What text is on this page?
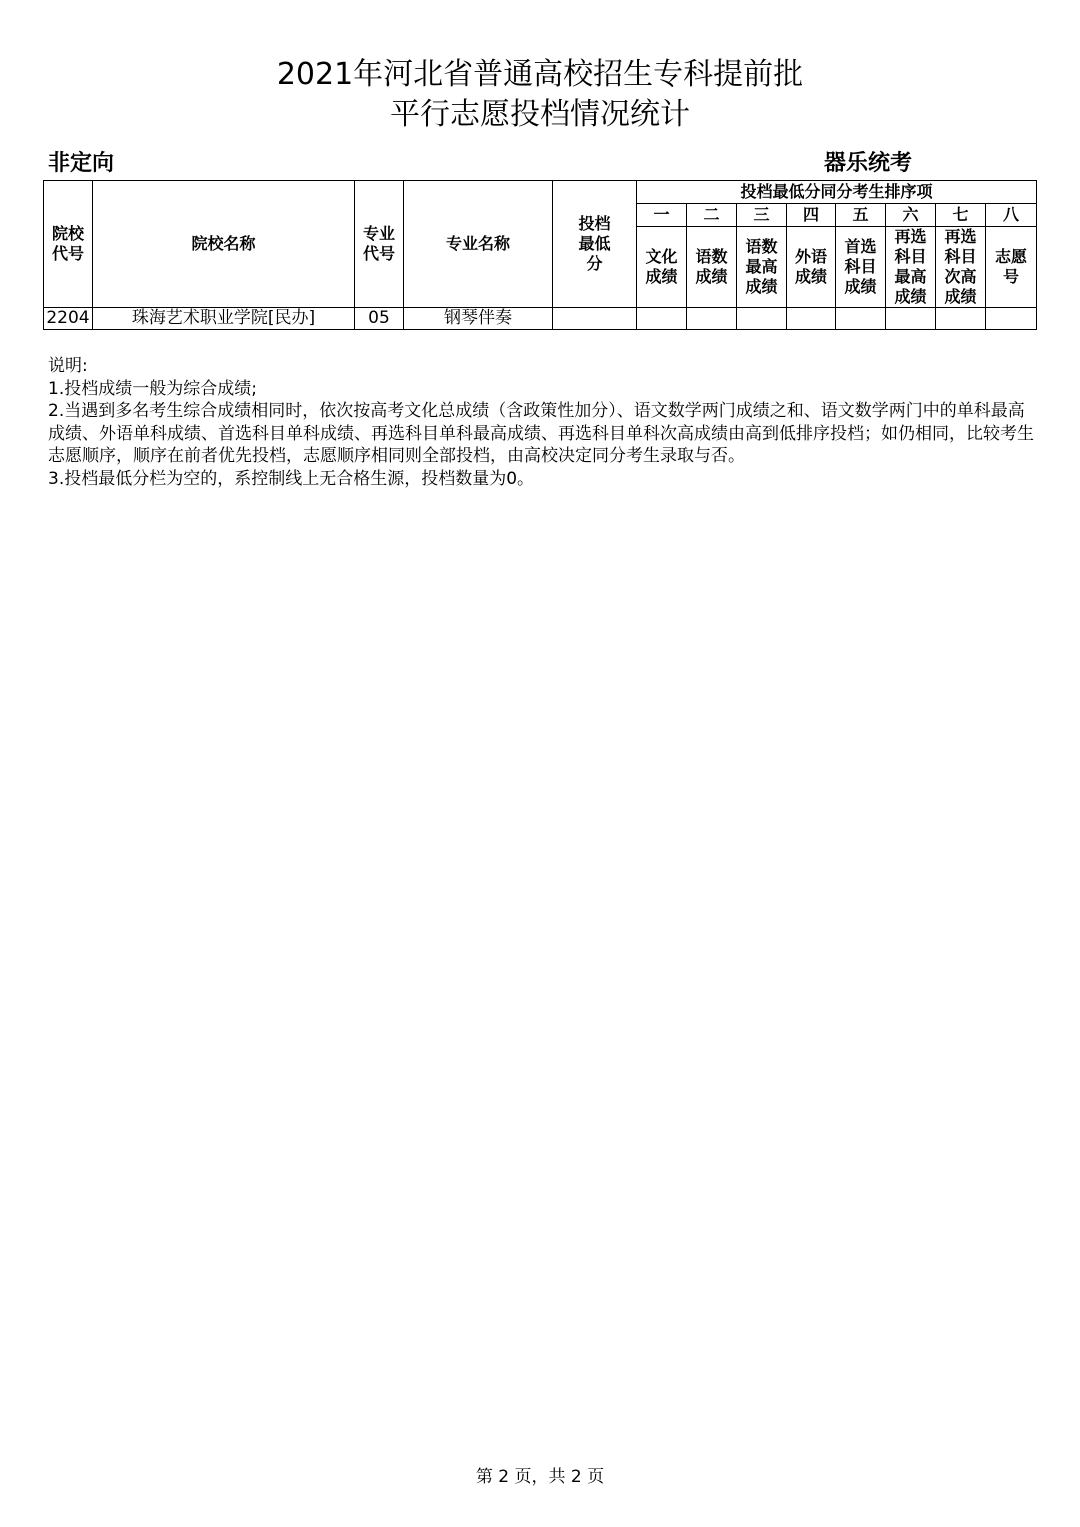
2021年河北省普通高校招生专科提前批
平行志愿投档情况统计
非定向	器乐统考
院校代号	院校名称	专业代号	专业名称	投档最低分	投档最低分同分考生排序项							
					一	二	三	四	五	六	七	八

					文化成绩	语数成绩	语数最高成绩	外语成绩	首选科目成绩	再选科目最高成绩	再选科目次高成绩	志愿号

2204	珠海艺术职业学院[民办]	05	钢琴伴奏									
说明:
1.投档成绩一般为综合成绩;
2.当遇到多名考生综合成绩相同时，依次按高考文化总成绩（含政策性加分）、语文数学两门成绩之和、语文数学两门中的单科最高成绩、外语单科成绩、首选科目单科成绩、再选科目单科最高成绩、再选科目单科次高成绩由高到低排序投档；如仍相同，比较考生志愿顺序，顺序在前者优先投档，志愿顺序相同则全部投档，由高校决定同分考生录取与否。
3.投档最低分栏为空的，系控制线上无合格生源，投档数量为0。
第 2 页，共 2 页
